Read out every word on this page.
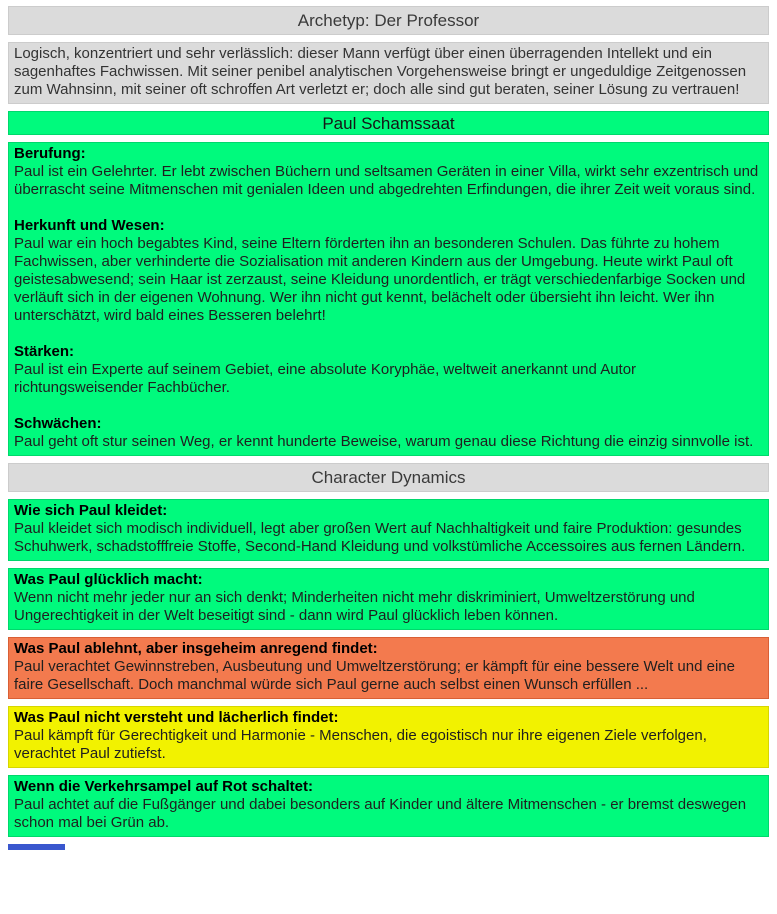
Archetyp: Der Professor
Logisch, konzentriert und sehr verlässlich: dieser Mann verfügt über einen überragenden Intellekt und ein sagenhaftes Fachwissen. Mit seiner penibel analytischen Vorgehensweise bringt er ungeduldige Zeitgenossen zum Wahnsinn, mit seiner oft schroffen Art verletzt er; doch alle sind gut beraten, seiner Lösung zu vertrauen!
Paul Schamssaat
Berufung:
Paul ist ein Gelehrter. Er lebt zwischen Büchern und seltsamen Geräten in einer Villa, wirkt sehr exzentrisch und überrascht seine Mitmenschen mit genialen Ideen und abgedrehten Erfindungen, die ihrer Zeit weit voraus sind.
Herkunft und Wesen:
Paul war ein hoch begabtes Kind, seine Eltern förderten ihn an besonderen Schulen. Das führte zu hohem Fachwissen, aber verhinderte die Sozialisation mit anderen Kindern aus der Umgebung. Heute wirkt Paul oft geistesabwesend; sein Haar ist zerzaust, seine Kleidung unordentlich, er trägt verschiedenfarbige Socken und verläuft sich in der eigenen Wohnung. Wer ihn nicht gut kennt, belächelt oder übersieht ihn leicht. Wer ihn unterschätzt, wird bald eines Besseren belehrt!
Stärken:
Paul ist ein Experte auf seinem Gebiet, eine absolute Koryphäe, weltweit anerkannt und Autor richtungsweisender Fachbücher.
Schwächen:
Paul geht oft stur seinen Weg, er kennt hunderte Beweise, warum genau diese Richtung die einzig sinnvolle ist.
Character Dynamics
Wie sich Paul kleidet:
Paul kleidet sich modisch individuell, legt aber großen Wert auf Nachhaltigkeit und faire Produktion: gesundes Schuhwerk, schadstofffreie Stoffe, Second-Hand Kleidung und volkstümliche Accessoires aus fernen Ländern.
Was Paul glücklich macht:
Wenn nicht mehr jeder nur an sich denkt; Minderheiten nicht mehr diskriminiert, Umweltzerstörung und Ungerechtigkeit in der Welt beseitigt sind - dann wird Paul glücklich leben können.
Was Paul ablehnt, aber insgeheim anregend findet:
Paul verachtet Gewinnstreben, Ausbeutung und Umweltzerstörung; er kämpft für eine bessere Welt und eine faire Gesellschaft. Doch manchmal würde sich Paul gerne auch selbst einen Wunsch erfüllen ...
Was Paul nicht versteht und lächerlich findet:
Paul kämpft für Gerechtigkeit und Harmonie - Menschen, die egoistisch nur ihre eigenen Ziele verfolgen, verachtet Paul zutiefst.
Wenn die Verkehrsampel auf Rot schaltet:
Paul achtet auf die Fußgänger und dabei besonders auf Kinder und ältere Mitmenschen - er bremst deswegen schon mal bei Grün ab.
